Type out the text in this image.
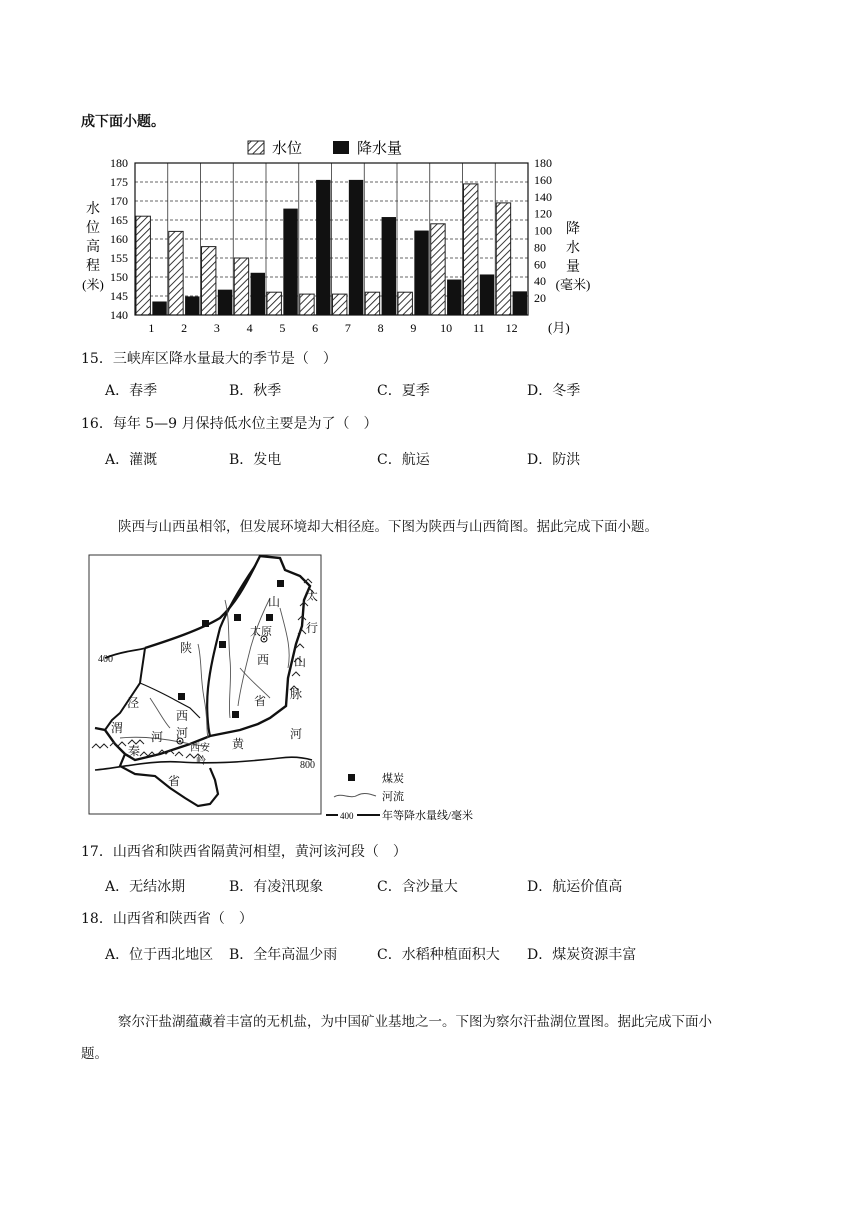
成下面小题。
水位	降水量
1 2 3 4 5 6 7 8 9 10 11 12
140
145
150
155
160
165
170
175
180
20
40
60
80
100
120
140
160
180
水
位
高
程
(米)
降
水
量
(毫米)
(月)
15．三峡库区降水量最大的季节是（　）
A．春季	B．秋季	C．夏季	D．冬季
16．每年 5—9 月保持低水位主要是为了（　）
A．灌溉	B．发电	C．航运	D．防洪
陕西与山西虽相邻，但发展环境却大相径庭。下图为陕西与山西简图。据此完成下面小题。
400
800
陕
西
河
泾
渭
河
秦
岭
省
西安
太原
山
西
省
黄
河
太
行
山
脉
煤炭
河流
400	年等降水量线/毫米
17．山西省和陕西省隔黄河相望，黄河该河段（　）
A．无结冰期	B．有凌汛现象	C．含沙量大	D．航运价值高
18．山西省和陕西省（　）
A．位于西北地区 B．全年高温少雨	C．水稻种植面积大 D．煤炭资源丰富
察尔汗盐湖蕴藏着丰富的无机盐，为中国矿业基地之一。下图为察尔汗盐湖位置图。据此完成下面小
题。
